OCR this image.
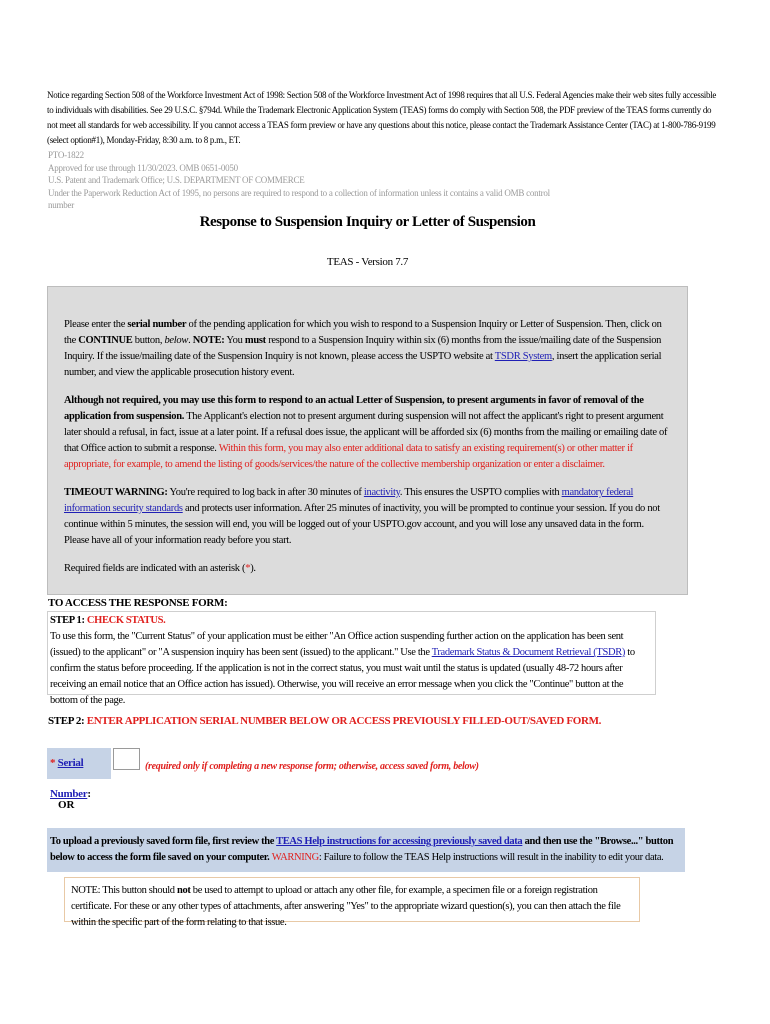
Notice regarding Section 508 of the Workforce Investment Act of 1998: Section 508 of the Workforce Investment Act of 1998 requires that all U.S. Federal Agencies make their web sites fully accessible to individuals with disabilities. See 29 U.S.C. §794d. While the Trademark Electronic Application System (TEAS) forms do comply with Section 508, the PDF preview of the TEAS forms currently do not meet all standards for web accessibility. If you cannot access a TEAS form preview or have any questions about this notice, please contact the Trademark Assistance Center (TAC) at 1-800-786-9199 (select option#1), Monday-Friday, 8:30 a.m. to 8 p.m., ET.
PTO-1822
Approved for use through 11/30/2023. OMB 0651-0050
U.S. Patent and Trademark Office; U.S. DEPARTMENT OF COMMERCE
Under the Paperwork Reduction Act of 1995, no persons are required to respond to a collection of information unless it contains a valid OMB control number
Response to Suspension Inquiry or Letter of Suspension
TEAS - Version 7.7

Please enter the serial number of the pending application for which you wish to respond to a Suspension Inquiry or Letter of Suspension. Then, click on the CONTINUE button, below. NOTE: You must respond to a Suspension Inquiry within six (6) months from the issue/mailing date of the Suspension Inquiry. If the issue/mailing date of the Suspension Inquiry is not known, please access the USPTO website at TSDR System, insert the application serial number, and view the applicable prosecution history event.

Although not required, you may use this form to respond to an actual Letter of Suspension, to present arguments in favor of removal of the application from suspension. The Applicant's election not to present argument during suspension will not affect the applicant's right to present argument later should a refusal, in fact, issue at a later point. If a refusal does issue, the applicant will be afforded six (6) months from the mailing or emailing date of that Office action to submit a response. Within this form, you may also enter additional data to satisfy an existing requirement(s) or other matter if appropriate, for example, to amend the listing of goods/services/the nature of the collective membership organization or enter a disclaimer.

TIMEOUT WARNING: You're required to log back in after 30 minutes of inactivity. This ensures the USPTO complies with mandatory federal information security standards and protects user information. After 25 minutes of inactivity, you will be prompted to continue your session. If you do not continue within 5 minutes, the session will end, you will be logged out of your USPTO.gov account, and you will lose any unsaved data in the form. Please have all of your information ready before you start.

Required fields are indicated with an asterisk (*).

TO ACCESS THE RESPONSE FORM:
STEP 1: CHECK STATUS.
To use this form, the "Current Status" of your application must be either "An Office action suspending further action on the application has been sent (issued) to the applicant" or "A suspension inquiry has been sent (issued) to the applicant." Use the Trademark Status & Document Retrieval (TSDR) to confirm the status before proceeding. If the application is not in the correct status, you must wait until the status is updated (usually 48-72 hours after receiving an email notice that an Office action has issued). Otherwise, you will receive an error message when you click the "Continue" button at the bottom of the page.
STEP 2: ENTER APPLICATION SERIAL NUMBER BELOW OR ACCESS PREVIOUSLY FILLED-OUT/SAVED FORM.
* Serial Number:
(required only if completing a new response form; otherwise, access saved form, below)
OR
To upload a previously saved form file, first review the TEAS Help instructions for accessing previously saved data and then use the "Browse..." button below to access the form file saved on your computer. WARNING: Failure to follow the TEAS Help instructions will result in the inability to edit your data.
NOTE: This button should not be used to attempt to upload or attach any other file, for example, a specimen file or a foreign registration certificate. For these or any other types of attachments, after answering "Yes" to the appropriate wizard question(s), you can then attach the file within the specific part of the form relating to that issue.
